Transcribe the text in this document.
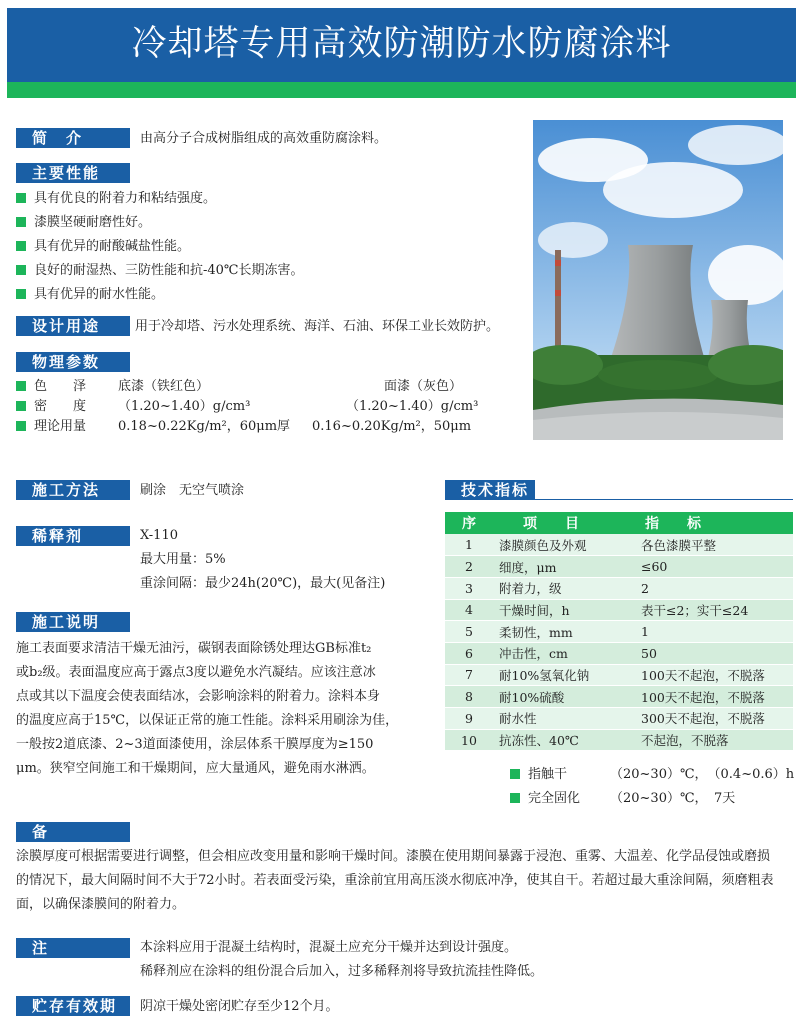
冷却塔专用高效防潮防水防腐涂料
简　介	由高分子合成树脂组成的高效重防腐涂料。
主要性能
具有优良的附着力和粘结强度。
漆膜坚硬耐磨性好。
具有优异的耐酸碱盐性能。
良好的耐湿热、三防性能和抗-40℃长期冻害。
具有优异的耐水性能。
设计用途	用于冷却塔、污水处理系统、海洋、石油、环保工业长效防护。
物理参数
色　　泽 底漆（铁红色）	面漆（灰色）
密　　度 （1.20~1.40）g/cm³	（1.20~1.40）g/cm³
理论用量 0.18~0.22Kg/m²，60μm厚 0.16~0.20Kg/m²，50μm
施工方法	刷涂　无空气喷涂
稀释剂	X-110
最大用量：5%
重涂间隔：最少24h(20℃)，最大(见备注)
施工说明
施工表面要求清洁干燥无油污，碳钢表面除锈处理达GB标准t₂
或b₂级。表面温度应高于露点3度以避免水汽凝结。应该注意冰
点或其以下温度会使表面结冰，会影响涂料的附着力。涂料本身
的温度应高于15℃，以保证正常的施工性能。涂料采用刷涂为佳，
一般按2道底漆、2~3道面漆使用，涂层体系干膜厚度为≥150
μm。狭窄空间施工和干燥期间，应大量通风，避免雨水淋洒。
技术指标
序	项　　目	指　　标
1	漆膜颜色及外观	各色漆膜平整
2	细度，μm	≤60
3	附着力，级	2
4	干燥时间，h	表干≤2；实干≤24
5	柔韧性，mm	1
6	冲击性，cm	50
7	耐10%氢氧化钠	100天不起泡，不脱落
8	耐10%硫酸	100天不起泡，不脱落
9	耐水性	300天不起泡，不脱落
10	抗冻性、40℃	不起泡，不脱落
指触干	（20~30）℃，　（0.4~0.6）h
完全固化 （20~30）℃，　7天
备
涂膜厚度可根据需要进行调整，但会相应改变用量和影响干燥时间。漆膜在使用期间暴露于浸泡、重雾、大温差、化学品侵蚀或磨损
的情况下，最大间隔时间不大于72小时。若表面受污染，重涂前宜用高压淡水彻底冲净，使其自干。若超过最大重涂间隔，须磨粗表
面，以确保漆膜间的附着力。
注	本涂料应用于混凝土结构时，混凝土应充分干燥并达到设计强度。
稀释剂应在涂料的组份混合后加入，过多稀释剂将导致抗流挂性降低。
贮存有效期	阴凉干燥处密闭贮存至少12个月。
